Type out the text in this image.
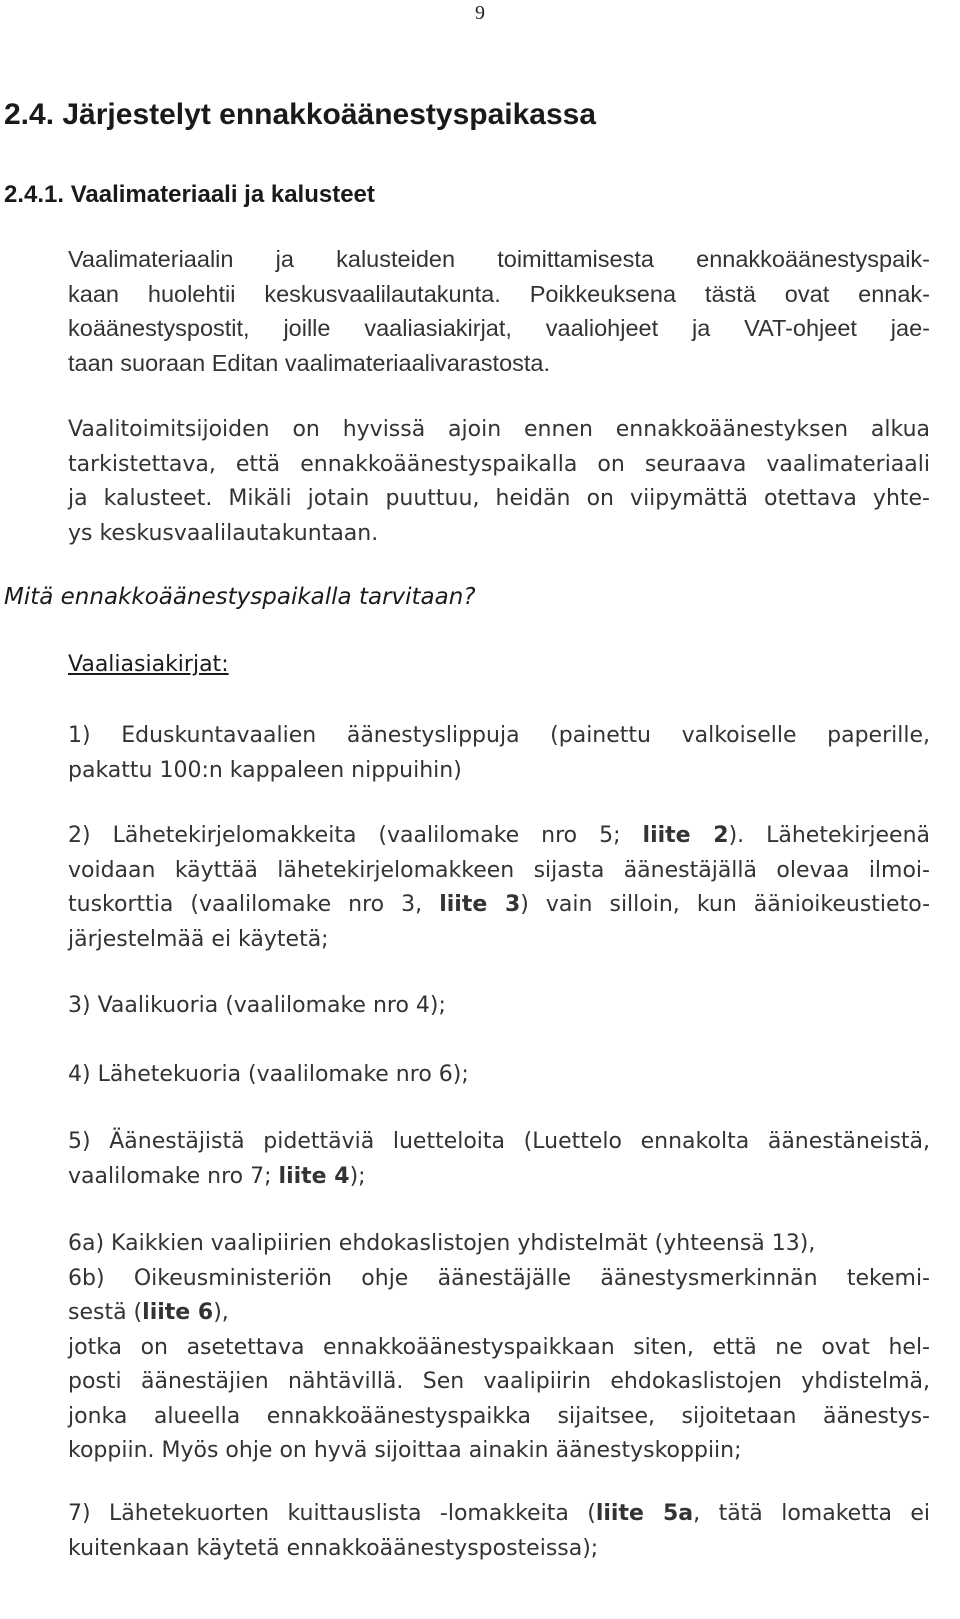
9
2.4. Järjestelyt ennakkoäänestyspaikassa
2.4.1. Vaalimateriaali ja kalusteet
Vaalimateriaalin ja kalusteiden toimittamisesta ennakkoäänestyspaik-
kaan huolehtii keskusvaalilautakunta. Poikkeuksena tästä ovat ennak-
koäänestyspostit, joille vaaliasiakirjat, vaaliohjeet ja VAT-ohjeet jae-
taan suoraan Editan vaalimateriaalivarastosta.
Vaalitoimitsijoiden on hyvissä ajoin ennen ennakkoäänestyksen alkua
tarkistettava, että ennakkoäänestyspaikalla on seuraava vaalimateriaali
ja kalusteet. Mikäli jotain puuttuu, heidän on viipymättä otettava yhte-
ys keskusvaalilautakuntaan.
Mitä ennakkoäänestyspaikalla tarvitaan?
Vaaliasiakirjat:
1) Eduskuntavaalien äänestyslippuja (painettu valkoiselle paperille,
pakattu 100:n kappaleen nippuihin)
2) Lähetekirjelomakkeita (vaalilomake nro 5; liite 2). Lähetekirjeenä
voidaan käyttää lähetekirjelomakkeen sijasta äänestäjällä olevaa ilmoi-
tuskorttia (vaalilomake nro 3, liite 3) vain silloin, kun äänioikeustieto-
järjestelmää ei käytetä;
3) Vaalikuoria (vaalilomake nro 4);
4) Lähetekuoria (vaalilomake nro 6);
5) Äänestäjistä pidettäviä luetteloita (Luettelo ennakolta äänestäneistä,
vaalilomake nro 7; liite 4);
6a) Kaikkien vaalipiirien ehdokaslistojen yhdistelmät (yhteensä 13),
6b) Oikeusministeriön ohje äänestäjälle äänestysmerkinnän tekemi-
sestä (liite 6),
jotka on asetettava ennakkoäänestyspaikkaan siten, että ne ovat hel-
posti äänestäjien nähtävillä. Sen vaalipiirin ehdokaslistojen yhdistelmä,
jonka alueella ennakkoäänestyspaikka sijaitsee, sijoitetaan äänestys-
koppiin. Myös ohje on hyvä sijoittaa ainakin äänestyskoppiin;
7) Lähetekuorten kuittauslista -lomakkeita (liite 5a, tätä lomaketta ei
kuitenkaan käytetä ennakkoäänestysposteissa);
